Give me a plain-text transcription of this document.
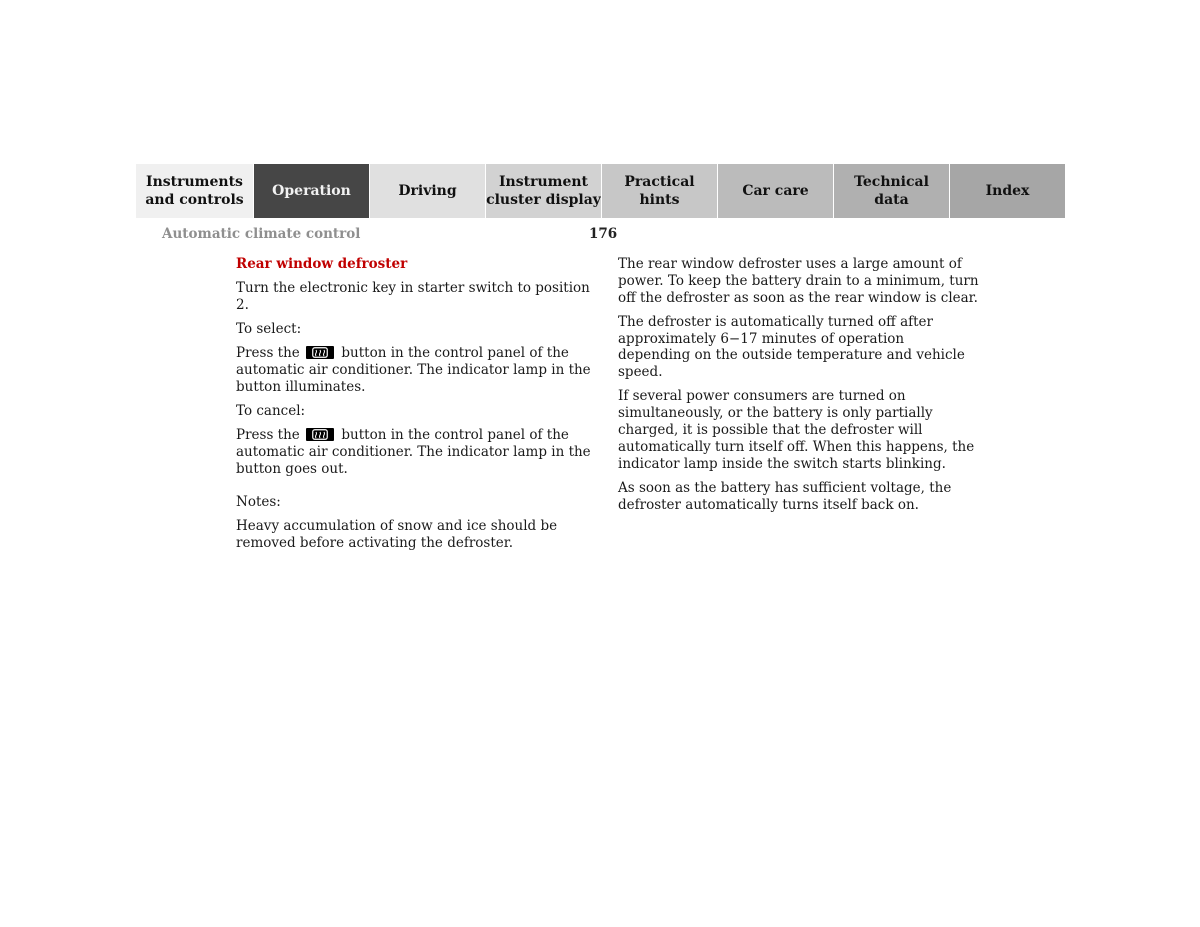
Instruments
and controls
Operation	Driving
Instrument
cluster display
Practical hints
Car care
Technical
data
Index
Automatic climate control	176

Rear window defroster

Turn the electronic key in starter switch to position 2.

To select:

Press the	button in the control panel of the automatic air conditioner. The indicator lamp in the button illuminates.

To cancel:

Press the	button in the control panel of the automatic air conditioner. The indicator lamp in the button goes out.

Notes:

Heavy accumulation of snow and ice should be removed before activating the defroster.

The rear window defroster uses a large amount of power. To keep the battery drain to a minimum, turn off the defroster as soon as the rear window is clear.

The defroster is automatically turned off after approximately 6−17 minutes of operation depending on the outside temperature and vehicle speed.

If several power consumers are turned on simultaneously, or the battery is only partially charged, it is possible that the defroster will automatically turn itself off. When this happens, the indicator lamp inside the switch starts blinking.

As soon as the battery has sufficient voltage, the defroster automatically turns itself back on.
